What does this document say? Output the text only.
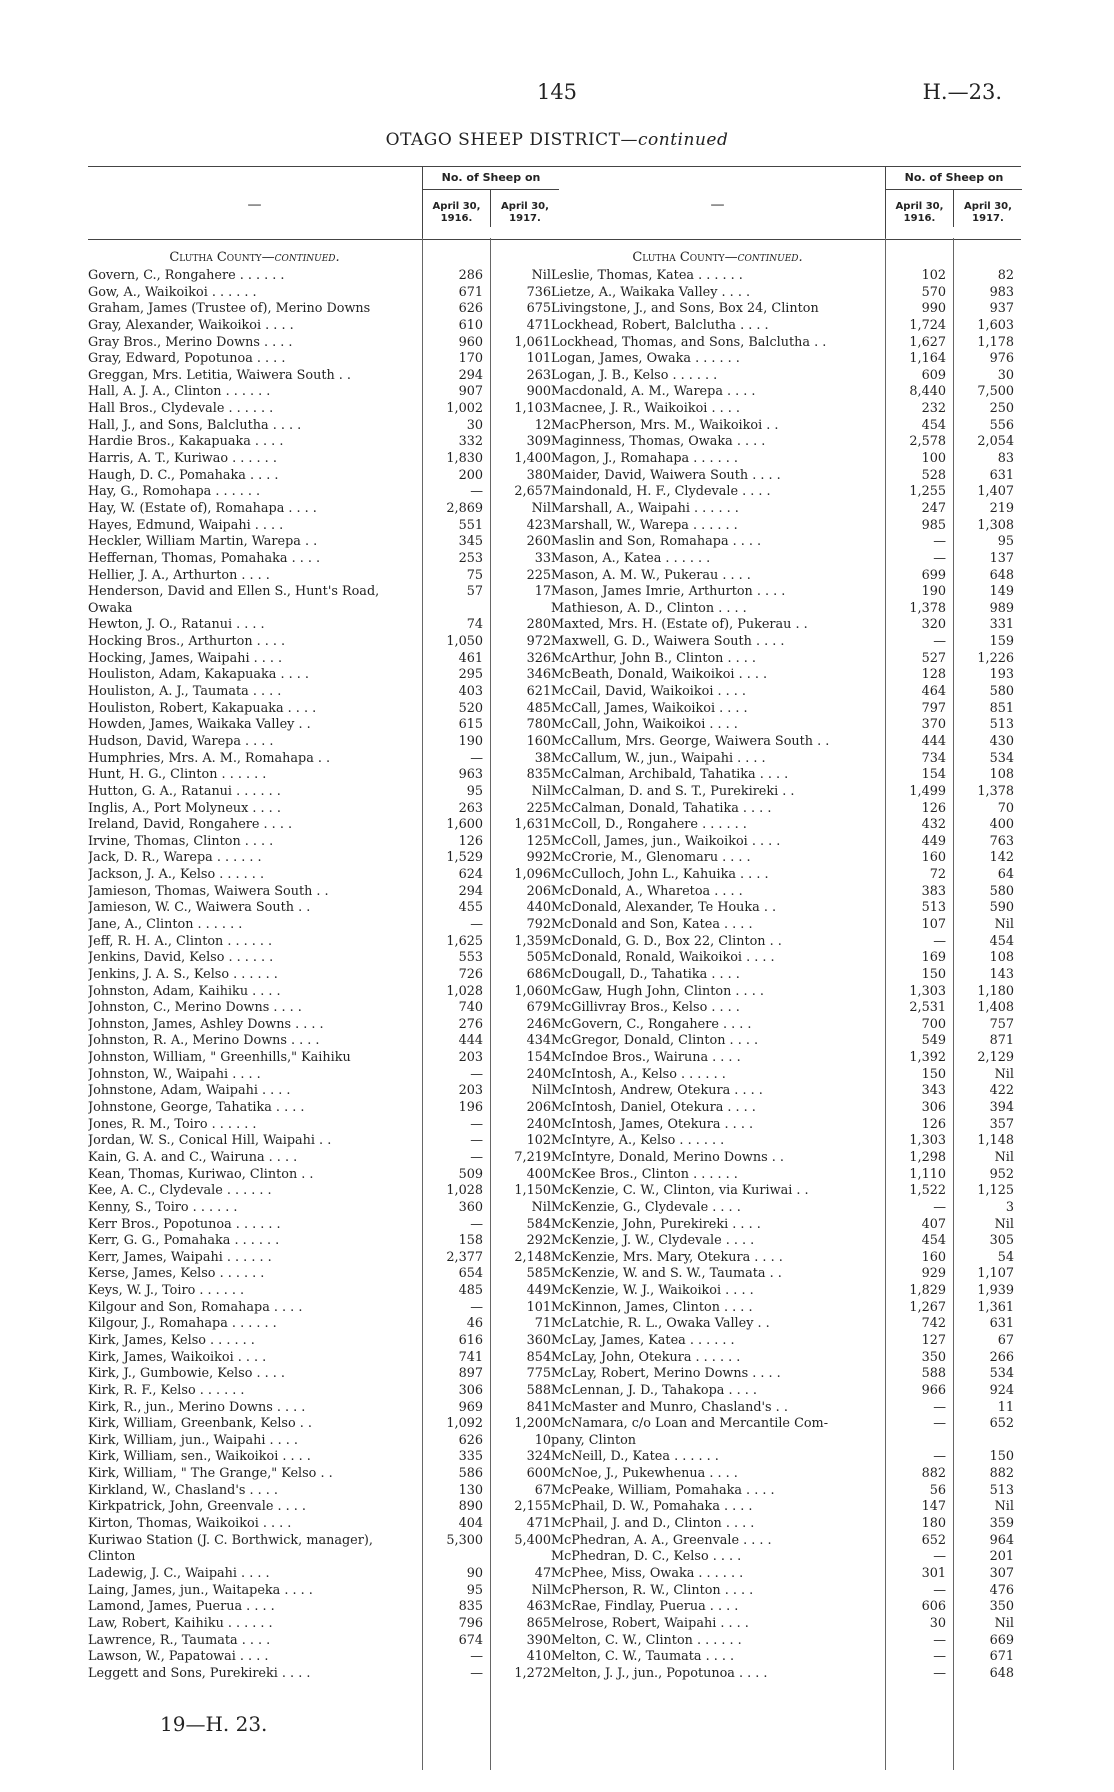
145	H.—23.
OTAGO SHEEP DISTRICT—continued
—
No. of Sheep on
April 30, 1916.
April 30, 1917.
Clutha County—continued.
Govern, C., Rongahere . . . . . .	286	Nil
Gow, A., Waikoikoi . . . . . .	671	736
Graham, James (Trustee of), Merino Downs	626	675
Gray, Alexander, Waikoikoi . . . .	610	471
Gray Bros., Merino Downs . . . .	960	1,061
Gray, Edward, Popotunoa . . . .	170	101
Greggan, Mrs. Letitia, Waiwera South . .	294	263
Hall, A. J. A., Clinton . . . . . .	907	900
Hall Bros., Clydevale . . . . . .	1,002	1,103
Hall, J., and Sons, Balclutha . . . .	30	12
Hardie Bros., Kakapuaka . . . .	332	309
Harris, A. T., Kuriwao . . . . . .	1,830	1,400
Haugh, D. C., Pomahaka . . . .	200	380
Hay, G., Romohapa . . . . . .	—	2,657
Hay, W. (Estate of), Romahapa . . . .	2,869	Nil
Hayes, Edmund, Waipahi . . . .	551	423
Heckler, William Martin, Warepa . .	345	260
Heffernan, Thomas, Pomahaka . . . .	253	33
Hellier, J. A., Arthurton . . . .	75	225
Henderson, David and Ellen S., Hunt's Road,	57	17
Owaka
Hewton, J. O., Ratanui . . . .	74	280
Hocking Bros., Arthurton . . . .	1,050	972
Hocking, James, Waipahi . . . .	461	326
Houliston, Adam, Kakapuaka . . . .	295	346
Houliston, A. J., Taumata . . . .	403	621
Houliston, Robert, Kakapuaka . . . .	520	485
Howden, James, Waikaka Valley . .	615	780
Hudson, David, Warepa . . . .	190	160
Humphries, Mrs. A. M., Romahapa . .	—	38
Hunt, H. G., Clinton . . . . . .	963	835
Hutton, G. A., Ratanui . . . . . .	95	Nil
Inglis, A., Port Molyneux . . . .	263	225
Ireland, David, Rongahere . . . .	1,600	1,631
Irvine, Thomas, Clinton . . . .	126	125
Jack, D. R., Warepa . . . . . .	1,529	992
Jackson, J. A., Kelso . . . . . .	624	1,096
Jamieson, Thomas, Waiwera South . .	294	206
Jamieson, W. C., Waiwera South . .	455	440
Jane, A., Clinton . . . . . .	—	792
Jeff, R. H. A., Clinton . . . . . .	1,625	1,359
Jenkins, David, Kelso . . . . . .	553	505
Jenkins, J. A. S., Kelso . . . . . .	726	686
Johnston, Adam, Kaihiku . . . .	1,028	1,060
Johnston, C., Merino Downs . . . .	740	679
Johnston, James, Ashley Downs . . . .	276	246
Johnston, R. A., Merino Downs . . . .	444	434
Johnston, William, " Greenhills," Kaihiku	203	154
Johnston, W., Waipahi . . . .	—	240
Johnstone, Adam, Waipahi . . . .	203	Nil
Johnstone, George, Tahatika . . . .	196	206
Jones, R. M., Toiro . . . . . .	—	240
Jordan, W. S., Conical Hill, Waipahi . .	—	102
Kain, G. A. and C., Wairuna . . . .	—	7,219
Kean, Thomas, Kuriwao, Clinton . .	509	400
Kee, A. C., Clydevale . . . . . .	1,028	1,150
Kenny, S., Toiro . . . . . .	360	Nil
Kerr Bros., Popotunoa . . . . . .	—	584
Kerr, G. G., Pomahaka . . . . . .	158	292
Kerr, James, Waipahi . . . . . .	2,377	2,148
Kerse, James, Kelso . . . . . .	654	585
Keys, W. J., Toiro . . . . . .	485	449
Kilgour and Son, Romahapa . . . .	—	101
Kilgour, J., Romahapa . . . . . .	46	71
Kirk, James, Kelso . . . . . .	616	360
Kirk, James, Waikoikoi . . . .	741	854
Kirk, J., Gumbowie, Kelso . . . .	897	775
Kirk, R. F., Kelso . . . . . .	306	588
Kirk, R., jun., Merino Downs . . . .	969	841
Kirk, William, Greenbank, Kelso . .	1,092	1,200
Kirk, William, jun., Waipahi . . . .	626	10
Kirk, William, sen., Waikoikoi . . . .	335	324
Kirk, William, " The Grange," Kelso . .	586	600
Kirkland, W., Chasland's . . . .	130	67
Kirkpatrick, John, Greenvale . . . .	890	2,155
Kirton, Thomas, Waikoikoi . . . .	404	471
Kuriwao Station (J. C. Borthwick, manager),	5,300	5,400
Clinton
Ladewig, J. C., Waipahi . . . .	90	47
Laing, James, jun., Waitapeka . . . .	95	Nil
Lamond, James, Puerua . . . .	835	463
Law, Robert, Kaihiku . . . . . .	796	865
Lawrence, R., Taumata . . . .	674	390
Lawson, W., Papatowai . . . .	—	410
Leggett and Sons, Purekireki . . . .	—	1,272
—
No. of Sheep on
April 30, 1916.
April 30, 1917.
Clutha County—continued.
Leslie, Thomas, Katea . . . . . .	102	82
Lietze, A., Waikaka Valley . . . .	570	983
Livingstone, J., and Sons, Box 24, Clinton	990	937
Lockhead, Robert, Balclutha . . . .	1,724	1,603
Lockhead, Thomas, and Sons, Balclutha . .	1,627	1,178
Logan, James, Owaka . . . . . .	1,164	976
Logan, J. B., Kelso . . . . . .	609	30
Macdonald, A. M., Warepa . . . .	8,440	7,500
Macnee, J. R., Waikoikoi . . . .	232	250
MacPherson, Mrs. M., Waikoikoi . .	454	556
Maginness, Thomas, Owaka . . . .	2,578	2,054
Magon, J., Romahapa . . . . . .	100	83
Maider, David, Waiwera South . . . .	528	631
Maindonald, H. F., Clydevale . . . .	1,255	1,407
Marshall, A., Waipahi . . . . . .	247	219
Marshall, W., Warepa . . . . . .	985	1,308
Maslin and Son, Romahapa . . . .	—	95
Mason, A., Katea . . . . . .	—	137
Mason, A. M. W., Pukerau . . . .	699	648
Mason, James Imrie, Arthurton . . . .	190	149
Mathieson, A. D., Clinton . . . .	1,378	989
Maxted, Mrs. H. (Estate of), Pukerau . .	320	331
Maxwell, G. D., Waiwera South . . . .	—	159
McArthur, John B., Clinton . . . .	527	1,226
McBeath, Donald, Waikoikoi . . . .	128	193
McCail, David, Waikoikoi . . . .	464	580
McCall, James, Waikoikoi . . . .	797	851
McCall, John, Waikoikoi . . . .	370	513
McCallum, Mrs. George, Waiwera South . .	444	430
McCallum, W., jun., Waipahi . . . .	734	534
McCalman, Archibald, Tahatika . . . .	154	108
McCalman, D. and S. T., Purekireki . .	1,499	1,378
McCalman, Donald, Tahatika . . . .	126	70
McColl, D., Rongahere . . . . . .	432	400
McColl, James, jun., Waikoikoi . . . .	449	763
McCrorie, M., Glenomaru . . . .	160	142
McCulloch, John L., Kahuika . . . .	72	64
McDonald, A., Wharetoa . . . .	383	580
McDonald, Alexander, Te Houka . .	513	590
McDonald and Son, Katea . . . .	107	Nil
McDonald, G. D., Box 22, Clinton . .	—	454
McDonald, Ronald, Waikoikoi . . . .	169	108
McDougall, D., Tahatika . . . .	150	143
McGaw, Hugh John, Clinton . . . .	1,303	1,180
McGillivray Bros., Kelso . . . .	2,531	1,408
McGovern, C., Rongahere . . . .	700	757
McGregor, Donald, Clinton . . . .	549	871
McIndoe Bros., Wairuna . . . .	1,392	2,129
McIntosh, A., Kelso . . . . . .	150	Nil
McIntosh, Andrew, Otekura . . . .	343	422
McIntosh, Daniel, Otekura . . . .	306	394
McIntosh, James, Otekura . . . .	126	357
McIntyre, A., Kelso . . . . . .	1,303	1,148
McIntyre, Donald, Merino Downs . .	1,298	Nil
McKee Bros., Clinton . . . . . .	1,110	952
McKenzie, C. W., Clinton, via Kuriwai . .	1,522	1,125
McKenzie, G., Clydevale . . . .	—	3
McKenzie, John, Purekireki . . . .	407	Nil
McKenzie, J. W., Clydevale . . . .	454	305
McKenzie, Mrs. Mary, Otekura . . . .	160	54
McKenzie, W. and S. W., Taumata . .	929	1,107
McKenzie, W. J., Waikoikoi . . . .	1,829	1,939
McKinnon, James, Clinton . . . .	1,267	1,361
McLatchie, R. L., Owaka Valley . .	742	631
McLay, James, Katea . . . . . .	127	67
McLay, John, Otekura . . . . . .	350	266
McLay, Robert, Merino Downs . . . .	588	534
McLennan, J. D., Tahakopa . . . .	966	924
McMaster and Munro, Chasland's . .	—	11
McNamara, c/o Loan and Mercantile Com-	—	652
pany, Clinton
McNeill, D., Katea . . . . . .	—	150
McNoe, J., Pukewhenua . . . .	882	882
McPeake, William, Pomahaka . . . .	56	513
McPhail, D. W., Pomahaka . . . .	147	Nil
McPhail, J. and D., Clinton . . . .	180	359
McPhedran, A. A., Greenvale . . . .	652	964
McPhedran, D. C., Kelso . . . .	—	201
McPhee, Miss, Owaka . . . . . .	301	307
McPherson, R. W., Clinton . . . .	—	476
McRae, Findlay, Puerua . . . .	606	350
Melrose, Robert, Waipahi . . . .	30	Nil
Melton, C. W., Clinton . . . . . .	—	669
Melton, C. W., Taumata . . . .	—	671
Melton, J. J., jun., Popotunoa . . . .	—	648
19—H. 23.
